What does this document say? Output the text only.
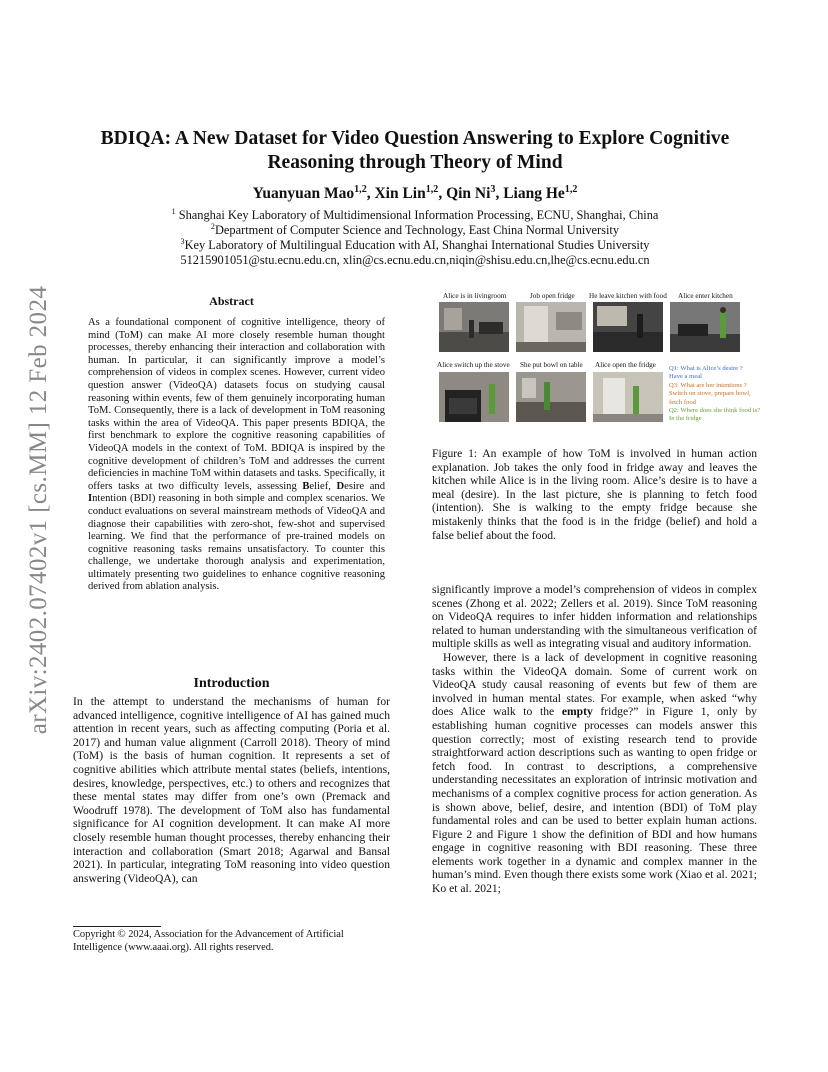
arXiv:2402.07402v1 [cs.MM] 12 Feb 2024
BDIQA: A New Dataset for Video Question Answering to Explore Cognitive Reasoning through Theory of Mind
Yuanyuan Mao$^{1,2}$, Xin Lin$^{1,2}$, Qin Ni$^3$, Liang He$^{1,2}$
$^1$ Shanghai Key Laboratory of Multidimensional Information Processing, ECNU, Shanghai, China
$^2$Department of Computer Science and Technology, East China Normal University
$^3$Key Laboratory of Multilingual Education with AI, Shanghai International Studies University
51215901051@stu.ecnu.edu.cn, xlin@cs.ecnu.edu.cn,niqin@shisu.edu.cn,lhe@cs.ecnu.edu.cn
Abstract
As a foundational component of cognitive intelligence, theory of mind (ToM) can make AI more closely resemble human thought processes, thereby enhancing their interaction and collaboration with human. In particular, it can significantly improve a model’s comprehension of videos in complex scenes. However, current video question answer (VideoQA) datasets focus on studying causal reasoning within events, few of them genuinely incorporating human ToM. Consequently, there is a lack of development in ToM reasoning tasks within the area of VideoQA. This paper presents BDIQA, the first benchmark to explore the cognitive reasoning capabilities of VideoQA models in the context of ToM. BDIQA is inspired by the cognitive development of children’s ToM and addresses the current deficiencies in machine ToM within datasets and tasks. Specifically, it offers tasks at two difficulty levels, assessing Belief, Desire and Intention (BDI) reasoning in both simple and complex scenarios. We conduct evaluations on several mainstream methods of VideoQA and diagnose their capabilities with zero-shot, few-shot and supervised learning. We find that the performance of pre-trained models on cognitive reasoning tasks remains unsatisfactory. To counter this challenge, we undertake thorough analysis and experimentation, ultimately presenting two guidelines to enhance cognitive reasoning derived from ablation analysis.
Introduction
In the attempt to understand the mechanisms of human for advanced intelligence, cognitive intelligence of AI has gained much attention in recent years, such as affecting computing (Poria et al. 2017) and human value alignment (Carroll 2018). Theory of mind (ToM) is the basis of human cognition. It represents a set of cognitive abilities which attribute mental states (beliefs, intentions, desires, knowledge, perspectives, etc.) to others and recognizes that these mental states may differ from one’s own (Premack and Woodruff 1978). The development of ToM also has fundamental significance for AI cognition development. It can make AI more closely resemble human thought processes, thereby enhancing their interaction and collaboration (Smart 2018; Agarwal and Bansal 2021). In particular, integrating ToM reasoning into video question answering (VideoQA), can
Copyright © 2024, Association for the Advancement of Artificial Intelligence (www.aaai.org). All rights reserved.
Alice is in livingroom	Job open fridge He leave kitchen with food Alice enter kitchen
Alice switch up the stove She put bowl on table Alice open the fridge Q1: What is Alice’s desire ?
Have a meal
Q3: What are her intentions ?
Switch on stove, prepare bowl, fetch food
Q2: Where does she think food is?
In the fridge
Figure 1: An example of how ToM is involved in human action explanation. Job takes the only food in fridge away and leaves the kitchen while Alice is in the living room. Alice’s desire is to have a meal (desire). In the last picture, she is planning to fetch food (intention). She is walking to the empty fridge because she mistakenly thinks that the food is in the fridge (belief) and hold a false belief about the food.

significantly improve a model’s comprehension of videos in complex scenes (Zhong et al. 2022; Zellers et al. 2019). Since ToM reasoning on VideoQA requires to infer hidden information and relationships related to human understanding with the simultaneous verification of multiple skills as well as integrating visual and auditory information.

However, there is a lack of development in cognitive reasoning tasks within the VideoQA domain. Some of current work on VideoQA study causal reasoning of events but few of them are involved in human mental states. For example, when asked “why does Alice walk to the empty fridge?” in Figure 1, only by establishing human cognitive processes can models answer this question correctly; most of existing research tend to provide straightforward action descriptions such as wanting to open fridge or fetch food. In contrast to descriptions, a comprehensive understanding necessitates an exploration of intrinsic motivation and mechanisms of a complex cognitive process for action generation. As is shown above, belief, desire, and intention (BDI) of ToM play fundamental roles and can be used to better explain human actions. Figure 2 and Figure 1 show the definition of BDI and how humans engage in cognitive reasoning with BDI reasoning. These three elements work together in a dynamic and complex manner in the human’s mind. Even though there exists some work (Xiao et al. 2021; Ko et al. 2021;
